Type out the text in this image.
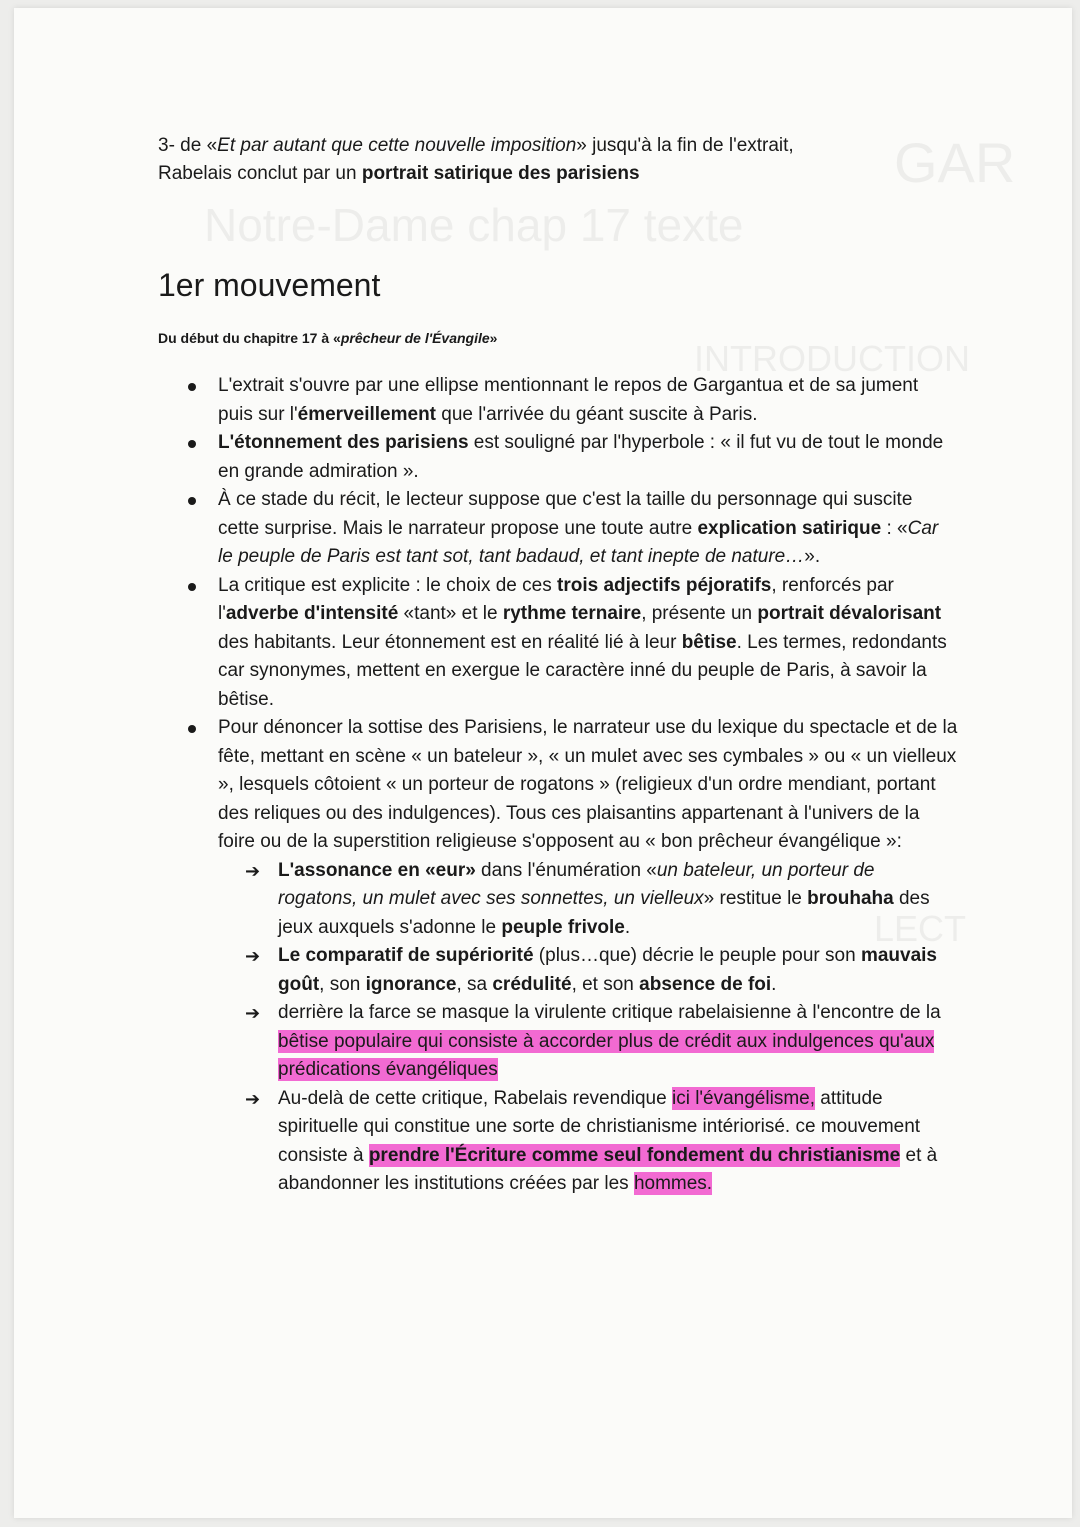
GAR
Notre-Dame chap 17 texte
INTRODUCTION
LECT

3- de «Et par autant que cette nouvelle imposition» jusqu'à la fin de l'extrait,
Rabelais conclut par un portrait satirique des parisiens

1er mouvement

Du début du chapitre 17 à «prêcheur de l'Évangile»

L'extrait s'ouvre par une ellipse mentionnant le repos de Gargantua et de sa jument puis sur l'émerveillement que l'arrivée du géant suscite à Paris.
L'étonnement des parisiens est souligné par l'hyperbole : « il fut vu de tout le monde en grande admiration ».
À ce stade du récit, le lecteur suppose que c'est la taille du personnage qui suscite cette surprise. Mais le narrateur propose une toute autre explication satirique : «Car le peuple de Paris est tant sot, tant badaud, et tant inepte de nature…».
La critique est explicite : le choix de ces trois adjectifs péjoratifs, renforcés par l'adverbe d'intensité «tant» et le rythme ternaire, présente un portrait dévalorisant des habitants. Leur étonnement est en réalité lié à leur bêtise. Les termes, redondants car synonymes, mettent en exergue le caractère inné du peuple de Paris, à savoir la bêtise.
Pour dénoncer la sottise des Parisiens, le narrateur use du lexique du spectacle et de la fête, mettant en scène « un bateleur », « un mulet avec ses cymbales » ou « un vielleux », lesquels côtoient « un porteur de rogatons » (religieux d'un ordre mendiant, portant des reliques ou des indulgences). Tous ces plaisantins appartenant à l'univers de la foire ou de la superstition religieuse s'opposent au « bon prêcheur évangélique »:
➔ L'assonance en «eur» dans l'énumération «un bateleur, un porteur de rogatons, un mulet avec ses sonnettes, un vielleux» restitue le brouhaha des jeux auxquels s'adonne le peuple frivole.
➔ Le comparatif de supériorité (plus…que) décrie le peuple pour son mauvais goût, son ignorance, sa crédulité, et son absence de foi.
➔ derrière la farce se masque la virulente critique rabelaisienne à l'encontre de la bêtise populaire qui consiste à accorder plus de crédit aux indulgences qu'aux prédications évangéliques
➔ Au-delà de cette critique, Rabelais revendique ici l'évangélisme, attitude spirituelle qui constitue une sorte de christianisme intériorisé. ce mouvement consiste à prendre l'Écriture comme seul fondement du christianisme et à abandonner les institutions créées par les hommes.
